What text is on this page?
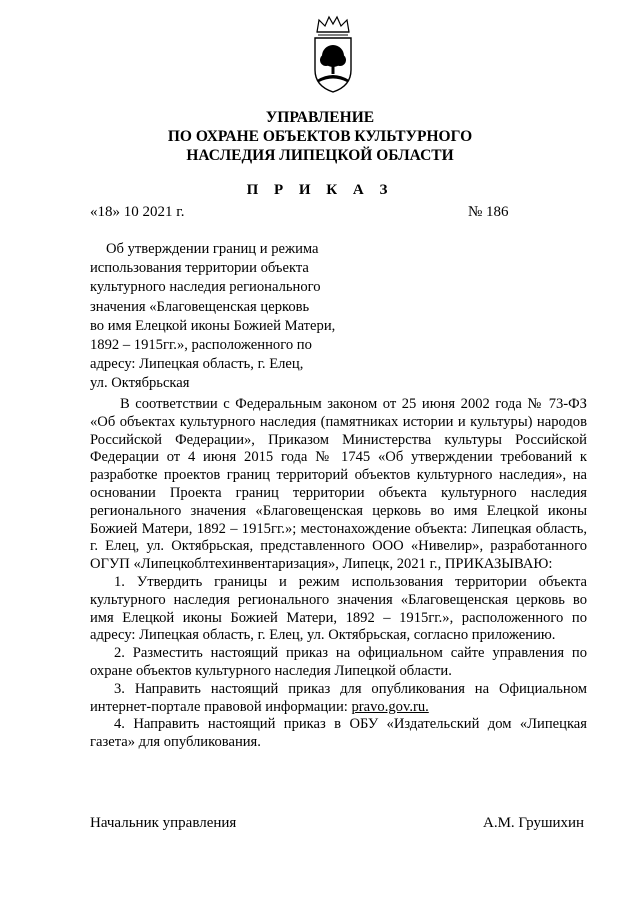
УПРАВЛЕНИЕ
ПО ОХРАНЕ ОБЪЕКТОВ КУЛЬТУРНОГО
НАСЛЕДИЯ ЛИПЕЦКОЙ ОБЛАСТИ
П Р И К А З
«18» 10 2021 г.	№ 186
Об утверждении границ и режима
использования территории объекта
культурного наследия регионального
значения «Благовещенская церковь
во имя Елецкой иконы Божией Матери,
1892 – 1915гг.», расположенного по
адресу: Липецкая область, г. Елец,
ул. Октябрьская

В соответствии с Федеральным законом от 25 июня 2002 года № 73-ФЗ «Об объектах культурного наследия (памятниках истории и культуры) народов Российской Федерации», Приказом Министерства культуры Российской Федерации от 4 июня 2015 года № 1745 «Об утверждении требований к разработке проектов границ территорий объектов культурного наследия», на основании Проекта границ территории объекта культурного наследия регионального значения «Благовещенская церковь во имя Елецкой иконы Божией Матери, 1892 – 1915гг.»; местонахождение объекта: Липецкая область, г. Елец, ул. Октябрьская, представленного ООО «Нивелир», разработанного ОГУП «Липецкоблтехинвентаризация», Липецк, 2021 г., ПРИКАЗЫВАЮ:

1. Утвердить границы и режим использования территории объекта культурного наследия регионального значения «Благовещенская церковь во имя Елецкой иконы Божией Матери, 1892 – 1915гг.», расположенного по адресу: Липецкая область, г. Елец, ул. Октябрьская, согласно приложению.

2. Разместить настоящий приказ на официальном сайте управления по охране объектов культурного наследия Липецкой области.

3. Направить настоящий приказ для опубликования на Официальном интернет-портале правовой информации: pravo.gov.ru.

4. Направить настоящий приказ в ОБУ «Издательский дом «Липецкая газета» для опубликования.

Начальник управления	А.М. Грушихин
